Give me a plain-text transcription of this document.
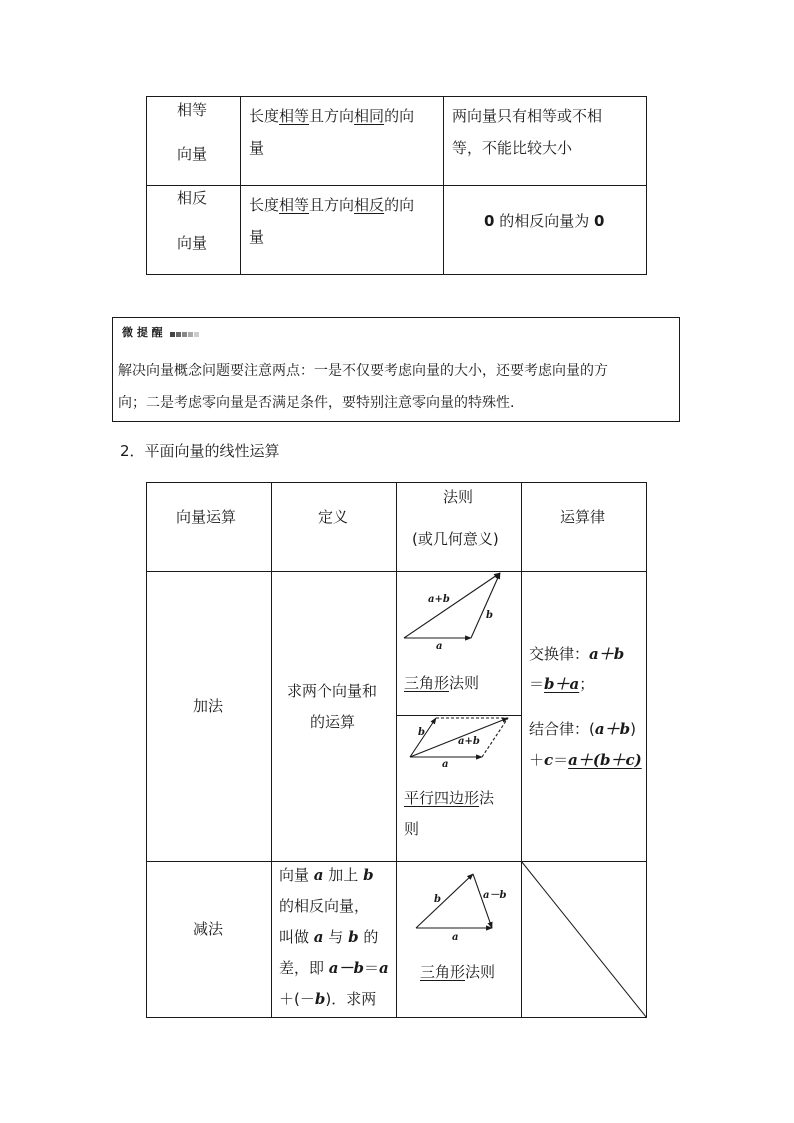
相等
向量
长度相等且方向相同的向
量
两向量只有相等或不相
等，不能比较大小
相反
向量
长度相等且方向相反的向
量
0 的相反向量为 0
微 提 醒
解决向量概念问题要注意两点：一是不仅要考虑向量的大小，还要考虑向量的方
向；二是考虑零向量是否满足条件，要特别注意零向量的特殊性.
2．平面向量的线性运算
向量运算	定义
法则
(或几何意义)
运算律
加法
求两个向量和
的运算
a+b
b
a
三角形法则
b
a+b
a
平行四边形法
则
交换律：a＋b
＝b＋a；
结合律：(a＋b)
＋c＝a＋(b＋c)
减法
向量 a 加上 b
的相反向量，
叫做 a 与 b 的
差，即 a－b＝a
＋(－b)．求两
b	a－b
a
三角形法则
